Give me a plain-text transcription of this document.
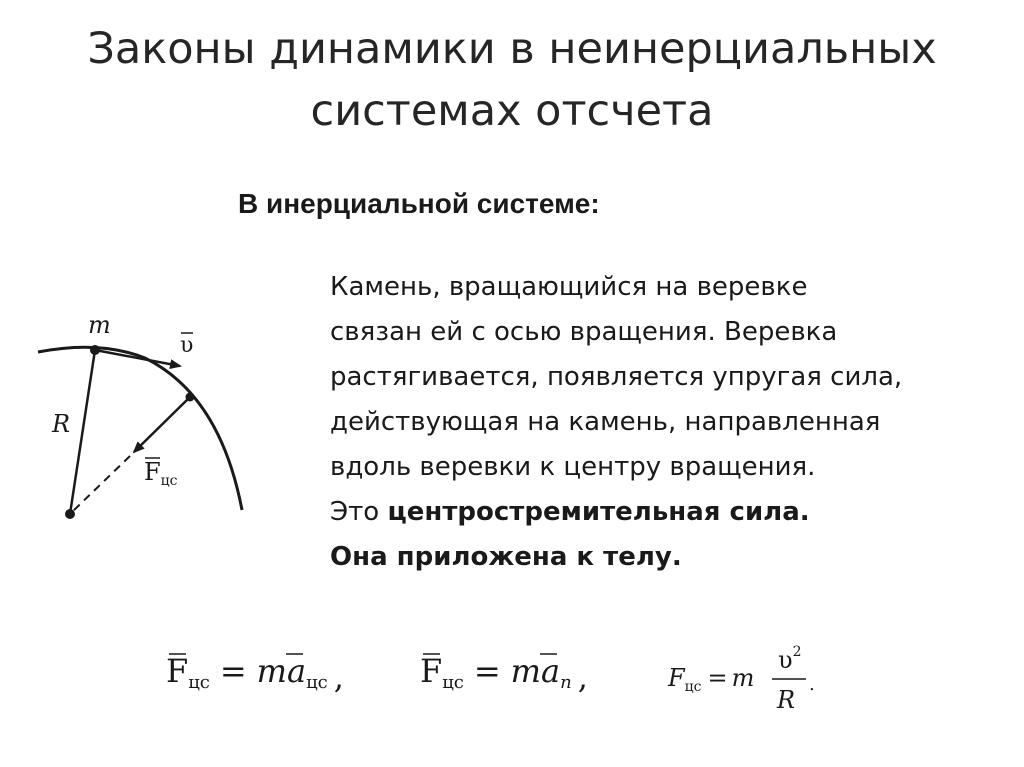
Законы динамики в неинерциальных
системах отсчета
В инерциальной системе:
Камень, вращающийся на веревке
связан ей с осью вращения. Веревка
растягивается, появляется упругая сила,
действующая на камень, направленная
вдоль веревки к центру вращения.
Это центростремительная сила.
Она приложена к телу.
m
υ
R
$F_{цс}$
Fцс = maцс , Fцс = man ,	$F_{цс} = m$
$\upsilon^2$
R
.
